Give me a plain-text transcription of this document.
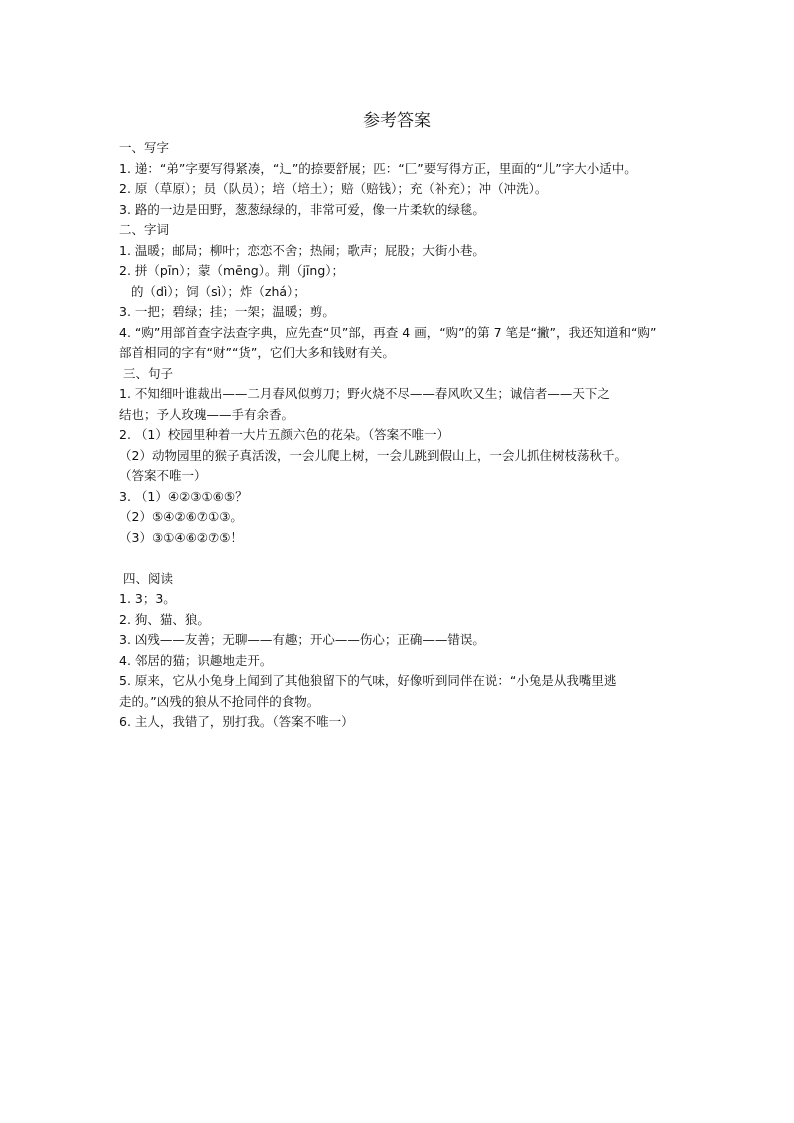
参考答案
一、写字
1. 递：“弟”字要写得紧凑，“辶”的捺要舒展；匹：“匚”要写得方正，里面的“儿”字大小适中。
2. 原（草原）；员（队员）；培（培土）；赔（赔钱）；充（补充）；冲（冲洗）。
3. 路的一边是田野，葱葱绿绿的，非常可爱，像一片柔软的绿毯。
二、字词
1. 温暖；邮局；柳叶；恋恋不舍；热闹；歌声；屁股；大街小巷。
2. 拼（pīn）；蒙（mēng）。荆（jīng）；
的（dì）；饲（sì）；炸（zhá）；
3. 一把；碧绿；挂；一架；温暖；剪。
4. “购”用部首查字法查字典，应先查“贝”部，再查 4 画，“购”的第 7 笔是“撇”，我还知道和“购”
部首相同的字有“财”“货”，它们大多和钱财有关。
三、句子
1. 不知细叶谁裁出——二月春风似剪刀；野火烧不尽——春风吹又生；诚信者——天下之
结也；予人玫瑰——手有余香。
2. （1）校园里种着一大片五颜六色的花朵。（答案不唯一）
（2）动物园里的猴子真活泼，一会儿爬上树，一会儿跳到假山上，一会儿抓住树枝荡秋千。
（答案不唯一）
3. （1）④②③①⑥⑤？
（2）⑤④②⑥⑦①③。
（3）③①④⑥②⑦⑤！
四、阅读
1. 3；3。
2. 狗、猫、狼。
3. 凶残——友善；无聊——有趣；开心——伤心；正确——错误。
4. 邻居的猫；识趣地走开。
5. 原来，它从小兔身上闻到了其他狼留下的气味，好像听到同伴在说：“小兔是从我嘴里逃
走的。”凶残的狼从不抢同伴的食物。
6. 主人，我错了，别打我。（答案不唯一）
